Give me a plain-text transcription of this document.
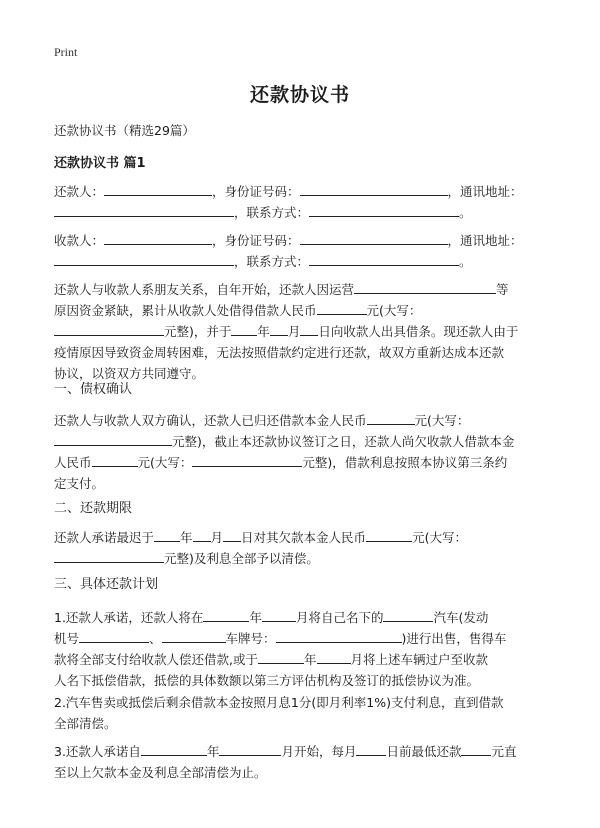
Print
还款协议书
还款协议书（精选29篇）
还款协议书 篇1
还款人：	，身份证号码：	，通讯地址：
，联系方式：	。
收款人：	，身份证号码：	，通讯地址：
，联系方式：	。
还款人与收款人系朋友关系，自年开始，还款人因运营	等
原因资金紧缺，累计从收款人处借得借款人民币	元(大写：
元整)，并于 年 月 日向收款人出具借条。现还款人由于
疫情原因导致资金周转困难，无法按照借款约定进行还款，故双方重新达成本还款
协议，以资双方共同遵守。
一、债权确认
还款人与收款人双方确认，还款人已归还借款本金人民币	元(大写：
元整)，截止本还款协议签订之日，还款人尚欠收款人借款本金
人民币	元(大写：	元整)，借款利息按照本协议第三条约
定支付。
二、还款期限
还款人承诺最迟于 年 月 日对其欠款本金人民币	元(大写：
元整)及利息全部予以清偿。
三、具体还款计划
1.还款人承诺，还款人将在	年	月将自己名下的	汽车(发动
机号	、	车牌号：	)进行出售，售得车
款将全部支付给收款人偿还借款,或于	年	月将上述车辆过户至收款
人名下抵偿借款，抵偿的具体数额以第三方评估机构及签订的抵偿协议为准。
2.汽车售卖或抵偿后剩余借款本金按照月息1分(即月利率1%)支付利息，直到借款
全部清偿。
3.还款人承诺自	年	月开始，每月 日前最低还款 元直
至以上欠款本金及利息全部清偿为止。
